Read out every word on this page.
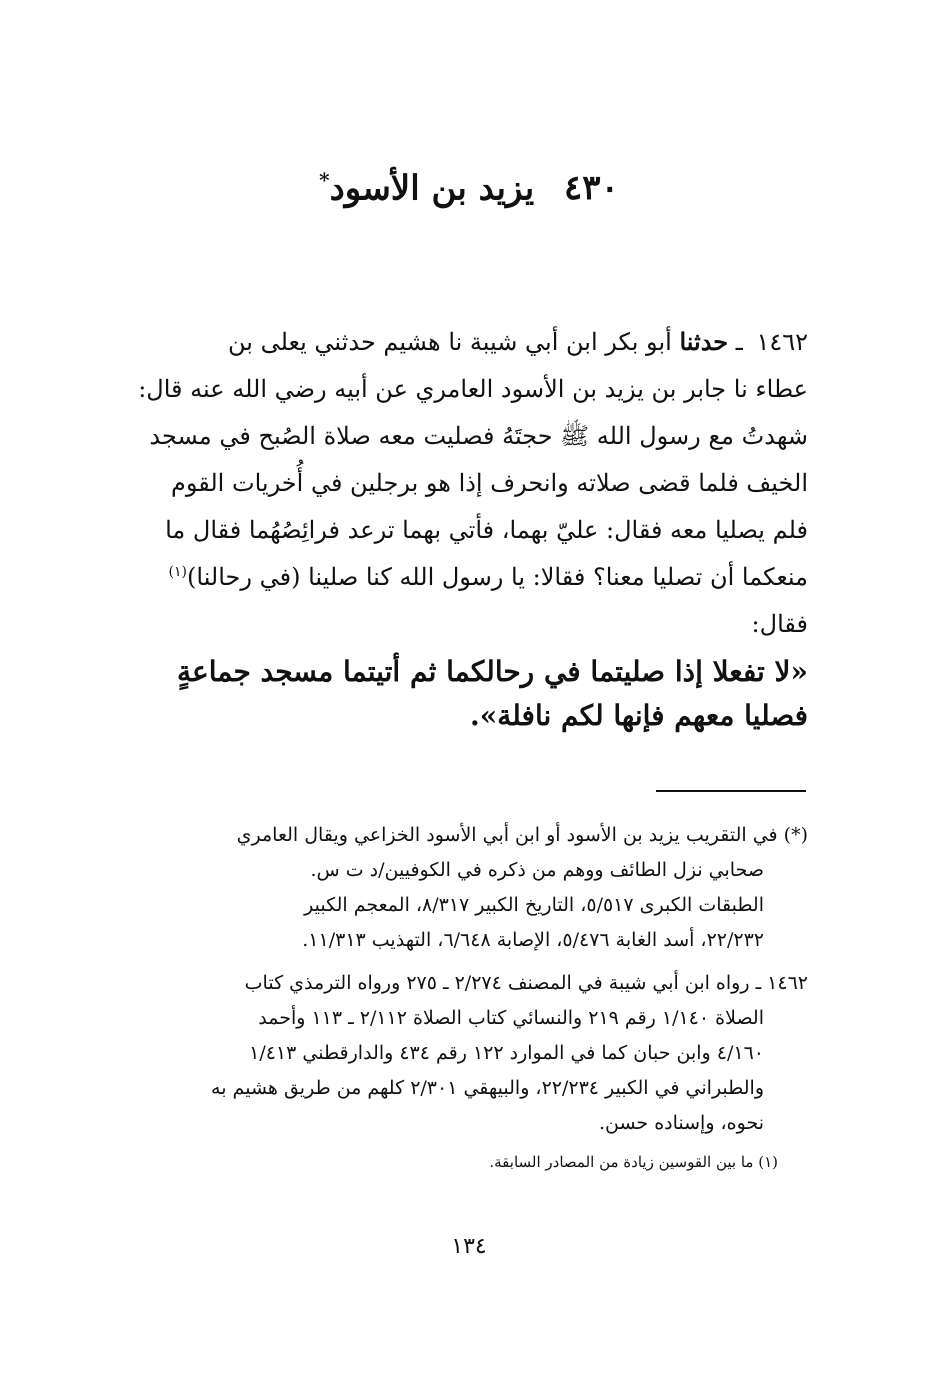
٤٣٠ يزيد بن الأسود*
١٤٦٢ ـ حدثنا أبو بكر ابن أبي شيبة نا هشيم حدثني يعلى بن
عطاء نا جابر بن يزيد بن الأسود العامري عن أبيه رضي الله عنه قال:
شهدتُ مع رسول الله ﷺ حجتَهُ فصليت معه صلاة الصُبح في مسجد
الخيف فلما قضى صلاته وانحرف إذا هو برجلين في أُخريات القوم
فلم يصليا معه فقال: عليّ بهما، فأتي بهما ترعد فرائِصُهُما فقال ما
منعكما أن تصليا معنا؟ فقالا: يا رسول الله كنا صلينا (في رحالنا)$^{(١)}$
فقال:
«لا تفعلا إذا صليتما في رحالكما ثم أتيتما مسجد جماعةٍ
فصليا معهم فإنها لكم نافلة».
(*) في التقريب يزيد بن الأسود أو ابن أبي الأسود الخزاعي ويقال العامري
صحابي نزل الطائف ووهم من ذكره في الكوفيين/د ت س.
الطبقات الكبرى ٥/٥١٧، التاريخ الكبير ٨/٣١٧، المعجم الكبير
٢٢/٢٣٢، أسد الغابة ٥/٤٧٦، الإصابة ٦/٦٤٨، التهذيب ١١/٣١٣.
١٤٦٢ ـ رواه ابن أبي شيبة في المصنف ٢/٢٧٤ ـ ٢٧٥ ورواه الترمذي كتاب
الصلاة ١/١٤٠ رقم ٢١٩ والنسائي كتاب الصلاة ٢/١١٢ ـ ١١٣ وأحمد
٤/١٦٠ وابن حبان كما في الموارد ١٢٢ رقم ٤٣٤ والدارقطني ١/٤١٣
والطبراني في الكبير ٢٢/٢٣٤، والبيهقي ٢/٣٠١ كلهم من طريق هشيم به
نحوه، وإسناده حسن.
(١) ما بين القوسين زيادة من المصادر السابقة.
١٣٤
